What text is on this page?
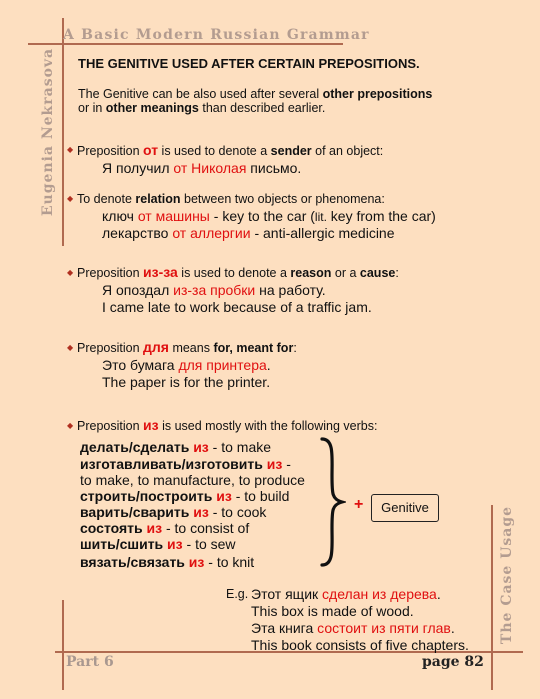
A Basic Modern Russian Grammar
Eugenia Nekrasova
The Case Usage
Part 6	page 82
THE GENITIVE USED AFTER CERTAIN PREPOSITIONS.
The Genitive can be also used after several other prepositions
or in other meanings than described earlier.
◆ Preposition от is used to denote a sender of an object:
Я получил от Николая письмо.
◆ To denote relation between two objects or phenomena:
ключ от машины - key to the car (lit. key from the car)
лекарство от аллергии - anti-allergic medicine
◆ Preposition из-за is used to denote a reason or a cause:
Я опоздал из-за пробки на работу.
I came late to work because of a traffic jam.
◆ Preposition для means for, meant for:
Это бумага для принтера.
The paper is for the printer.
◆ Preposition из is used mostly with the following verbs:
делать/сделать из - to make
изготавливать/изготовить из -
to make, to manufacture, to produce
строить/построить из - to build
варить/сварить из - to cook
состоять из - to consist of
шить/сшить из - to sew
вязать/связать из - to knit
+	Genitive
E.g. Этот ящик сделан из дерева.
This box is made of wood.
Эта книга состоит из пяти глав.
This book consists of five chapters.
